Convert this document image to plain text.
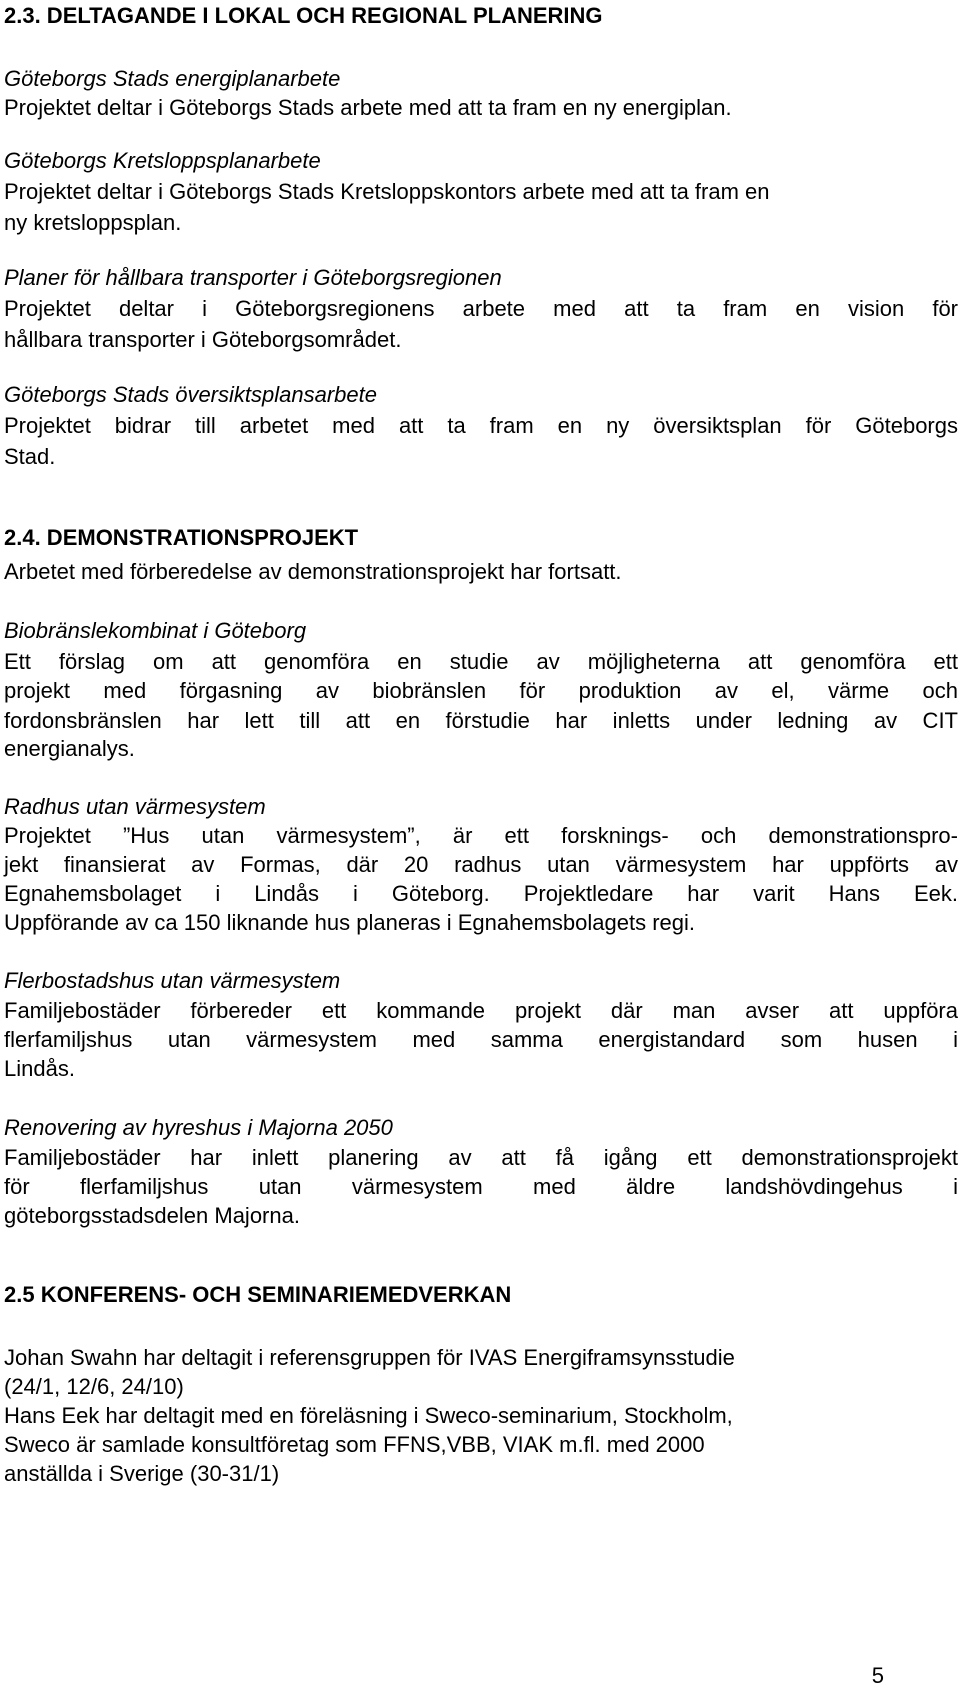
2.3. DELTAGANDE I LOKAL OCH REGIONAL PLANERING
Göteborgs Stads energiplanarbete
Projektet deltar i Göteborgs Stads arbete med att ta fram en ny energiplan.
Göteborgs Kretsloppsplanarbete
Projektet deltar i Göteborgs Stads Kretsloppskontors arbete med att ta fram en
ny kretsloppsplan.
Planer för hållbara transporter i Göteborgsregionen
Projektet deltar i Göteborgsregionens arbete med att ta fram en vision för
hållbara transporter i Göteborgsområdet.
Göteborgs Stads översiktsplansarbete
Projektet bidrar till arbetet med att ta fram en ny översiktsplan för Göteborgs
Stad.
2.4. DEMONSTRATIONSPROJEKT
Arbetet med förberedelse av demonstrationsprojekt har fortsatt.
Biobränslekombinat i Göteborg
Ett förslag om att genomföra en studie av möjligheterna att genomföra ett
projekt med förgasning av biobränslen för produktion av el, värme och
fordonsbränslen har lett till att en förstudie har inletts under ledning av CIT
energianalys.
Radhus utan värmesystem
Projektet ”Hus utan värmesystem”, är ett forsknings- och demonstrationspro-
jekt finansierat av Formas, där 20 radhus utan värmesystem har uppförts av
Egnahemsbolaget i Lindås i Göteborg. Projektledare har varit Hans Eek.
Uppförande av ca 150 liknande hus planeras i Egnahemsbolagets regi.
Flerbostadshus utan värmesystem
Familjebostäder förbereder ett kommande projekt där man avser att uppföra
flerfamiljshus utan värmesystem med samma energistandard som husen i
Lindås.
Renovering av hyreshus i Majorna 2050
Familjebostäder har inlett planering av att få igång ett demonstrationsprojekt
för flerfamiljshus utan värmesystem med äldre landshövdingehus i
göteborgsstadsdelen Majorna.
2.5 KONFERENS- OCH SEMINARIEMEDVERKAN
Johan Swahn har deltagit i referensgruppen för IVAS Energiframsynsstudie
(24/1, 12/6, 24/10)
Hans Eek har deltagit med en föreläsning i Sweco-seminarium, Stockholm,
Sweco är samlade konsultföretag som FFNS,VBB, VIAK m.fl. med 2000
anställda i Sverige (30-31/1)
5
